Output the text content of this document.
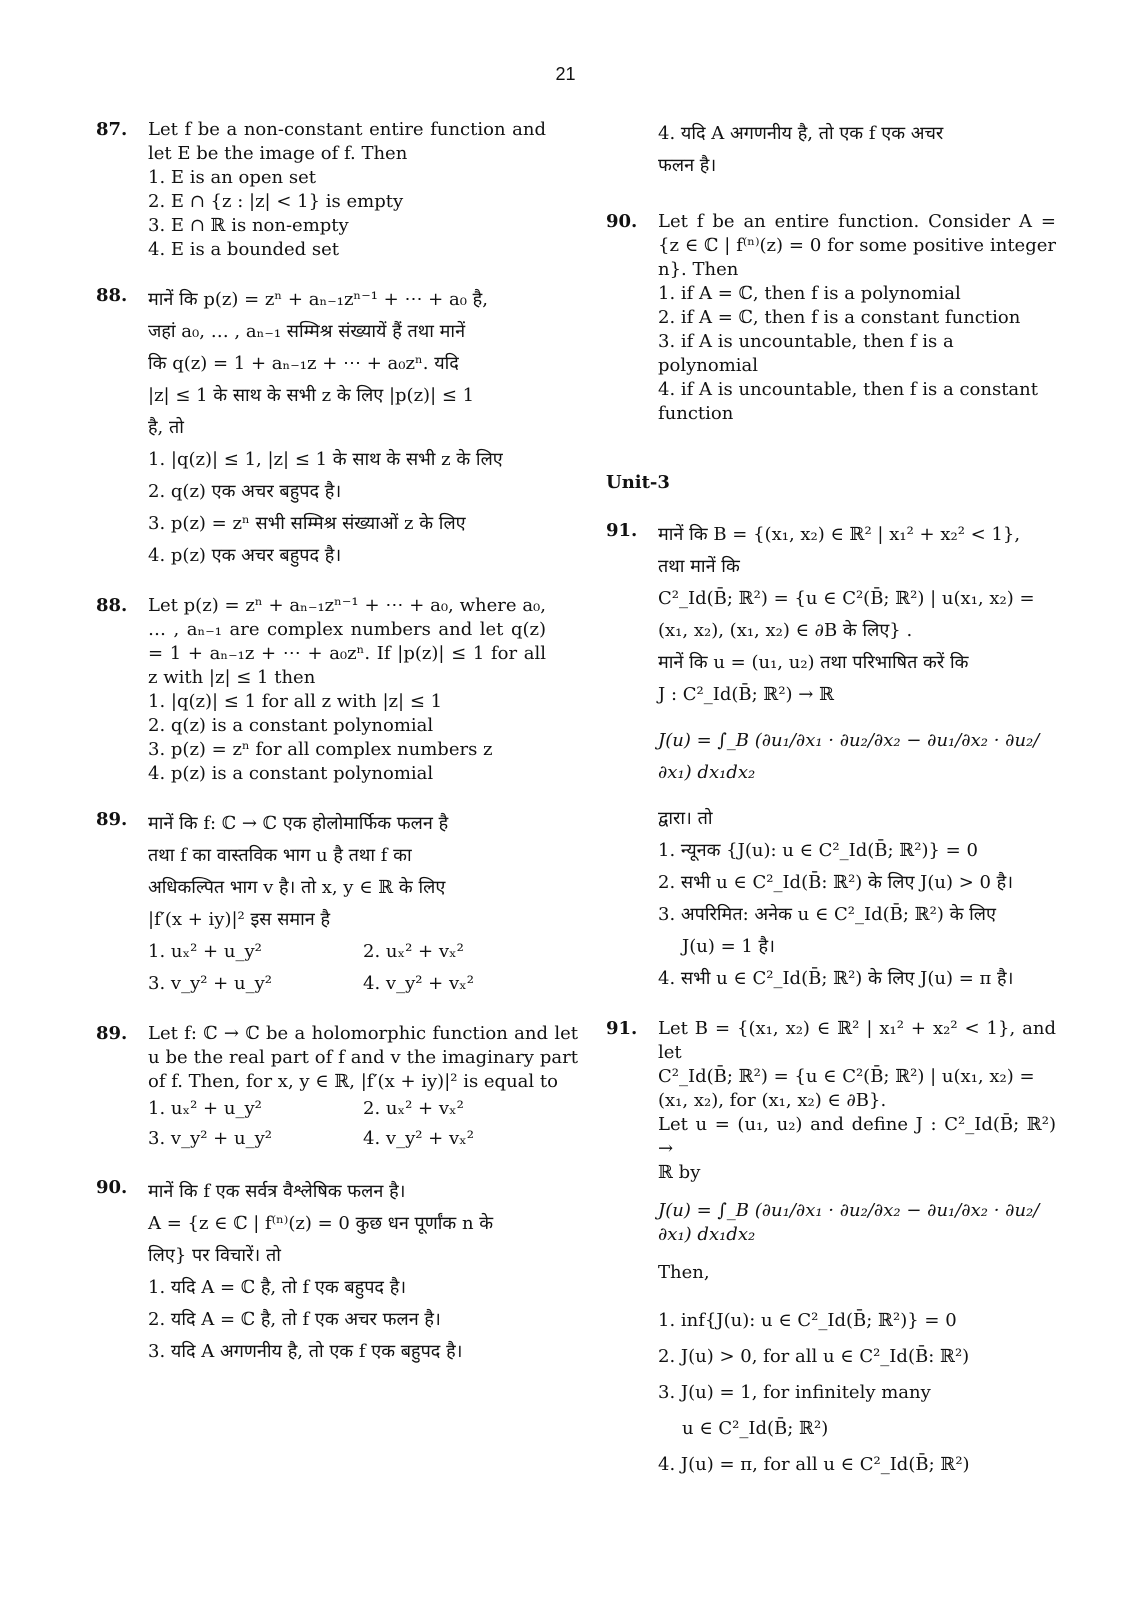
21
87.	Let f be a non-constant entire function and let E be the image of f. Then

1. E is an open set
2. E ∩ {z : |z| < 1} is empty
3. E ∩ ℝ is non-empty
4. E is a bounded set
88.	मानें कि p(z) = zⁿ + aₙ₋₁zⁿ⁻¹ + ⋯ + a₀ है,
जहां a₀, … , aₙ₋₁ सम्मिश्र संख्यायें हैं तथा मानें
कि q(z) = 1 + aₙ₋₁z + ⋯ + a₀zⁿ. यदि
|z| ≤ 1 के साथ के सभी z के लिए |p(z)| ≤ 1
है, तो

1. |q(z)| ≤ 1, |z| ≤ 1 के साथ के सभी z के लिए
2. q(z) एक अचर बहुपद है।
3. p(z) = zⁿ सभी सम्मिश्र संख्याओं z के लिए
4. p(z) एक अचर बहुपद है।
88.	Let p(z) = zⁿ + aₙ₋₁zⁿ⁻¹ + ⋯ + a₀, where a₀, … , aₙ₋₁ are complex numbers and let q(z) = 1 + aₙ₋₁z + ⋯ + a₀zⁿ. If |p(z)| ≤ 1 for all z with |z| ≤ 1 then

1. |q(z)| ≤ 1 for all z with |z| ≤ 1
2. q(z) is a constant polynomial
3. p(z) = zⁿ for all complex numbers z
4. p(z) is a constant polynomial
89.	मानें कि f: ℂ → ℂ एक होलोमार्फिक फलन है
तथा f का वास्तविक भाग u है तथा f का
अधिकल्पित भाग v है। तो x, y ∈ ℝ के लिए
|f′(x + iy)|² इस समान है

1. uₓ² + u_y²	2. uₓ² + vₓ²
3. v_y² + u_y²	4. v_y² + vₓ²
89.	Let f: ℂ → ℂ be a holomorphic function and let u be the real part of f and v the imaginary part of f. Then, for x, y ∈ ℝ, |f′(x + iy)|² is equal to

1. uₓ² + u_y²	2. uₓ² + vₓ²
3. v_y² + u_y²	4. v_y² + vₓ²
90.	मानें कि f एक सर्वत्र वैश्लेषिक फलन है।
A = {z ∈ ℂ | f⁽ⁿ⁾(z) = 0 कुछ धन पूर्णांक n के
लिए} पर विचारें। तो

1. यदि A = ℂ है, तो f एक बहुपद है।
2. यदि A = ℂ है, तो f एक अचर फलन है।
3. यदि A अगणनीय है, तो एक f एक बहुपद है।
4. यदि A अगणनीय है, तो एक f एक अचर
फलन है।
90.	Let f be an entire function. Consider A = {z ∈ ℂ | f⁽ⁿ⁾(z) = 0 for some positive integer n}. Then

1. if A = ℂ, then f is a polynomial
2. if A = ℂ, then f is a constant function
3. if A is uncountable, then f is a polynomial
4. if A is uncountable, then f is a constant function
Unit-3
91.	मानें कि B = {(x₁, x₂) ∈ ℝ² | x₁² + x₂² < 1},
तथा मानें कि
C²_Id(B̄; ℝ²) = {u ∈ C²(B̄; ℝ²) | u(x₁, x₂) =
(x₁, x₂), (x₁, x₂) ∈ ∂B के लिए} .
मानें कि u = (u₁, u₂) तथा परिभाषित करें कि
J : C²_Id(B̄; ℝ²) → ℝ

J(u) = ∫_B (∂u₁/∂x₁ · ∂u₂/∂x₂ − ∂u₁/∂x₂ · ∂u₂/∂x₁) dx₁dx₂
द्वारा। तो
1. न्यूनक {J(u): u ∈ C²_Id(B̄; ℝ²)} = 0
2. सभी u ∈ C²_Id(B̄: ℝ²) के लिए J(u) > 0 है।
3. अपरिमित: अनेक u ∈ C²_Id(B̄; ℝ²) के लिए
J(u) = 1 है।
4. सभी u ∈ C²_Id(B̄; ℝ²) के लिए J(u) = π है।
91.	Let B = {(x₁, x₂) ∈ ℝ² | x₁² + x₂² < 1}, and let
C²_Id(B̄; ℝ²) = {u ∈ C²(B̄; ℝ²) | u(x₁, x₂) =
(x₁, x₂), for (x₁, x₂) ∈ ∂B}.
Let u = (u₁, u₂) and define J : C²_Id(B̄; ℝ²) →
ℝ by

J(u) = ∫_B (∂u₁/∂x₁ · ∂u₂/∂x₂ − ∂u₁/∂x₂ · ∂u₂/∂x₁) dx₁dx₂
Then,
1. inf{J(u): u ∈ C²_Id(B̄; ℝ²)} = 0
2. J(u) > 0, for all u ∈ C²_Id(B̄: ℝ²)
3. J(u) = 1, for infinitely many
u ∈ C²_Id(B̄; ℝ²)
4. J(u) = π, for all u ∈ C²_Id(B̄; ℝ²)
